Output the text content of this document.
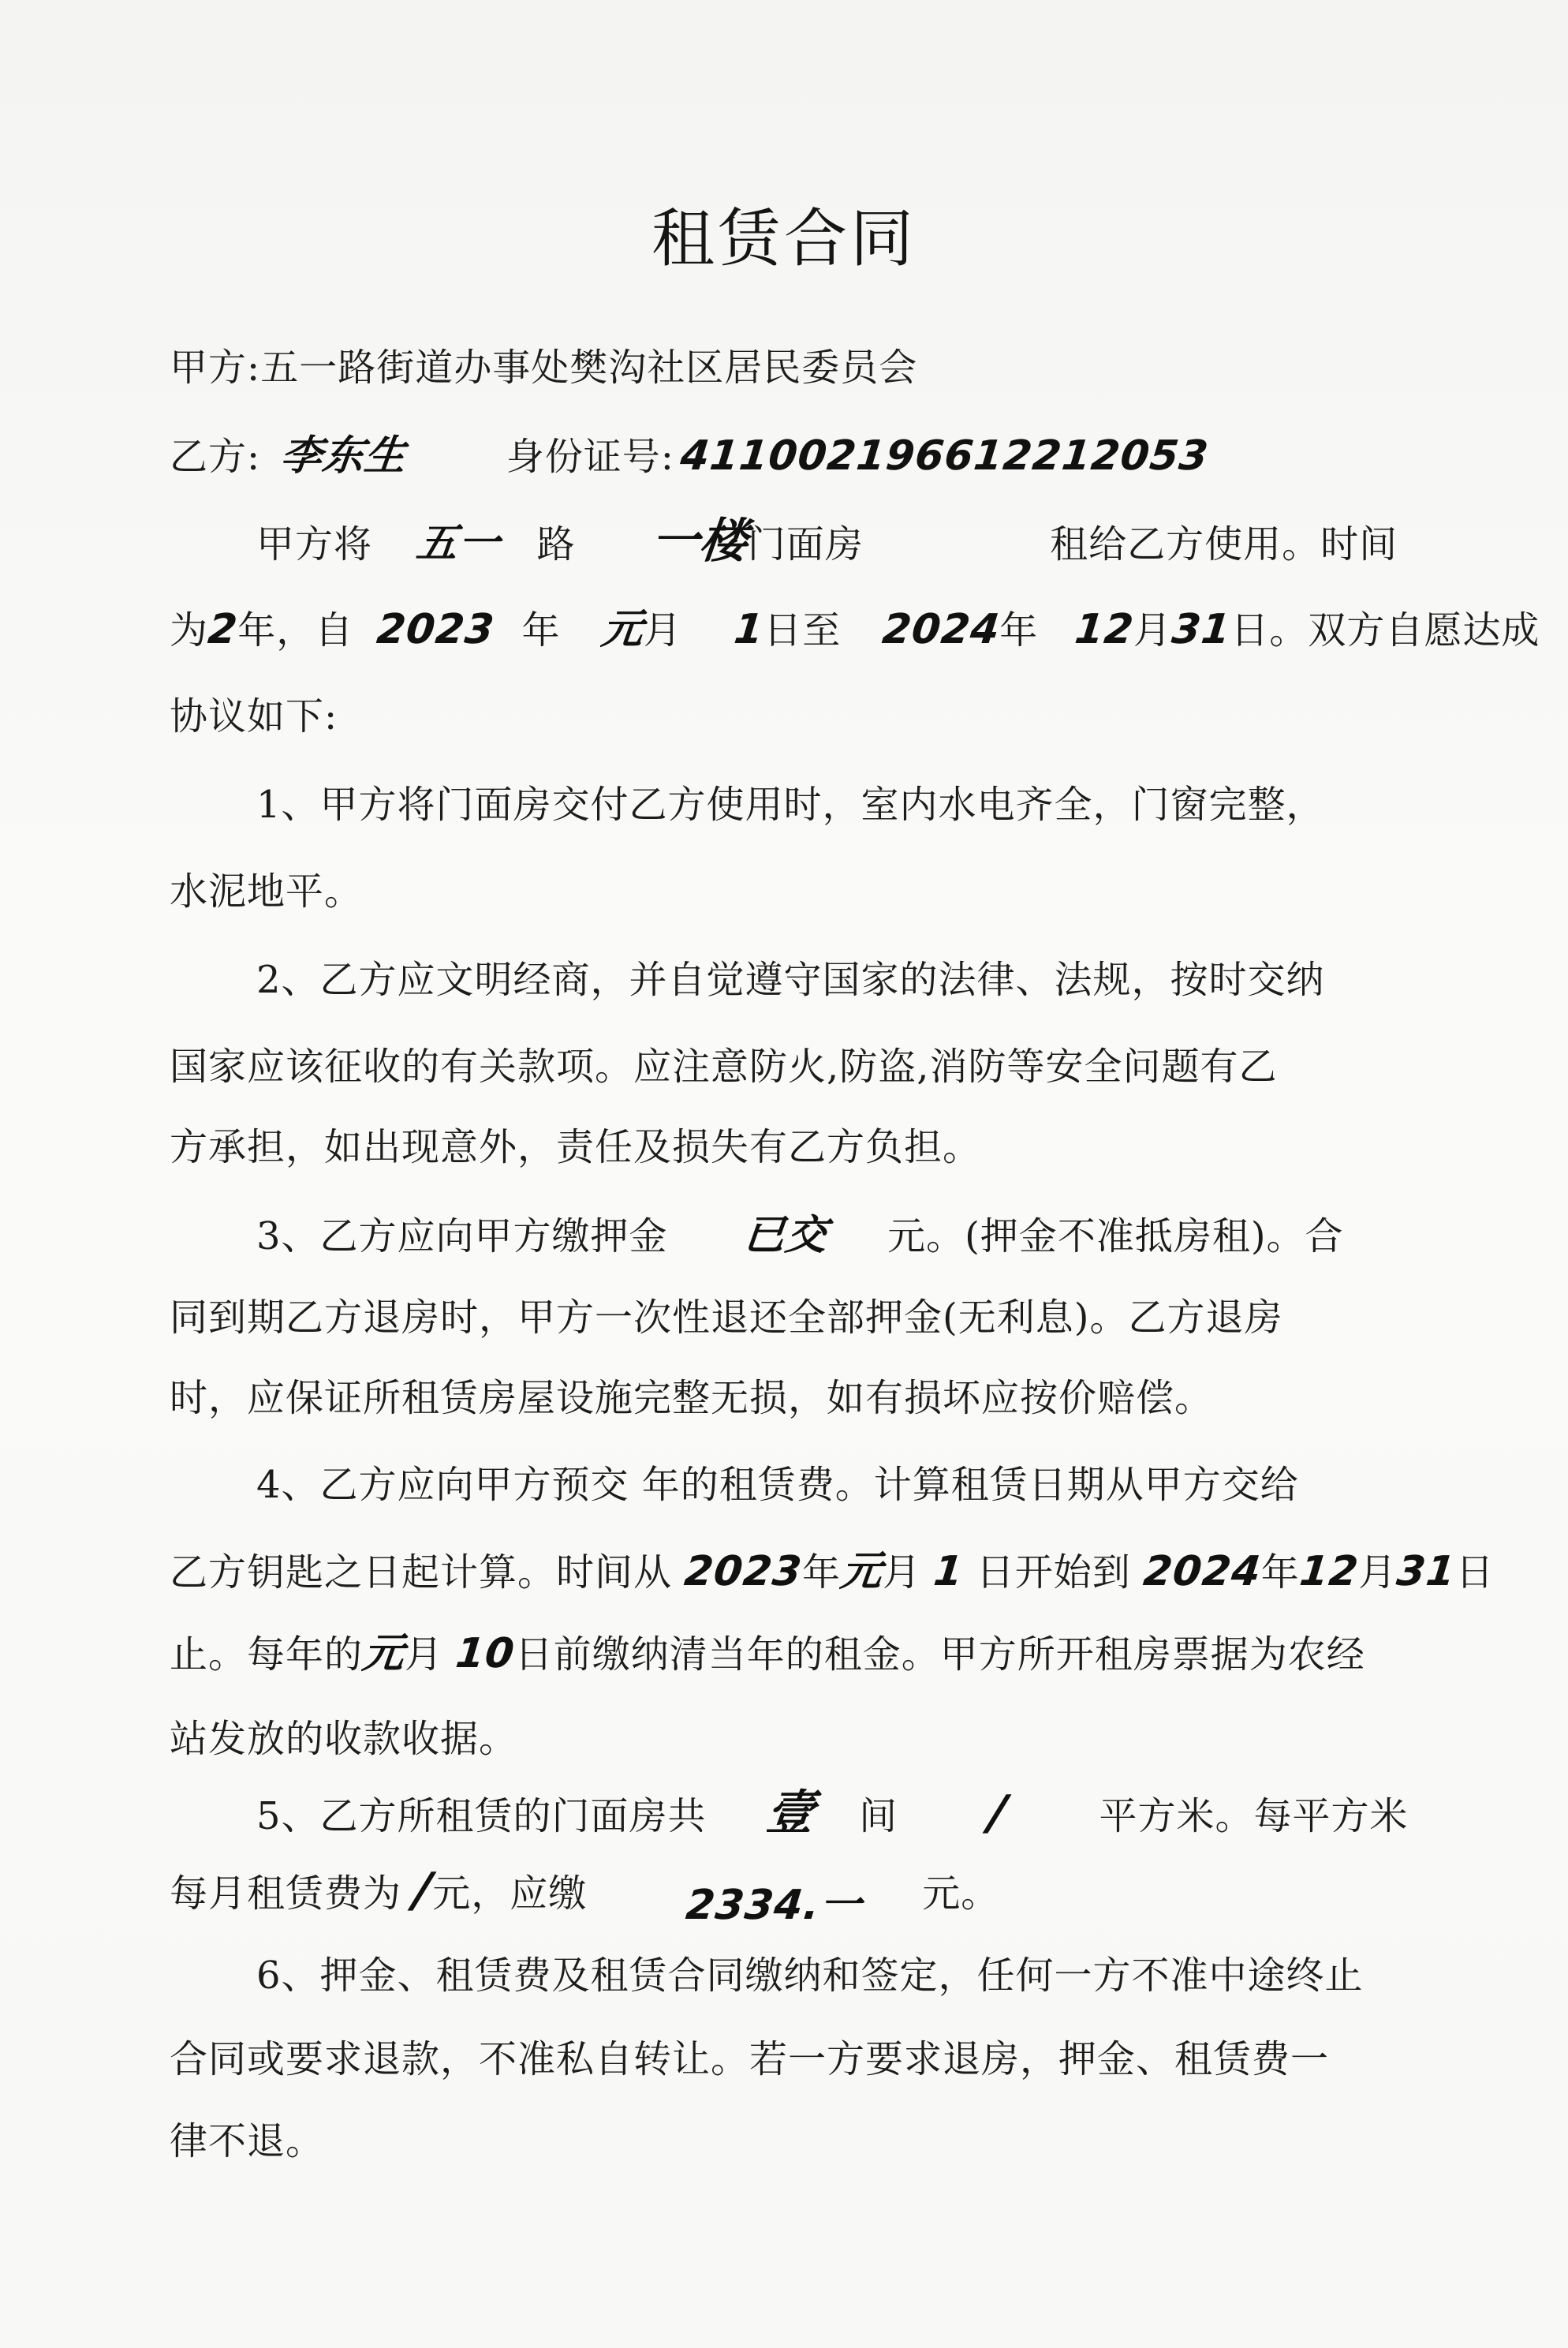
租赁合同
甲方:五一路街道办事处樊沟社区居民委员会
乙方: 李东生	身份证号:411002196612212053
甲方将 五一 路 一楼门面房	租给乙方使用。时间
为2年，自 2023 年 元月 1日至 2024年 12月31日。双方自愿达成
协议如下:
1、甲方将门面房交付乙方使用时，室内水电齐全，门窗完整，
水泥地平。
2、乙方应文明经商，并自觉遵守国家的法律、法规，按时交纳
国家应该征收的有关款项。应注意防火,防盗,消防等安全问题有乙
方承担，如出现意外，责任及损失有乙方负担。
3、乙方应向甲方缴押金 已交 元。(押金不准抵房租)。合
同到期乙方退房时，甲方一次性退还全部押金(无利息)。乙方退房
时，应保证所租赁房屋设施完整无损，如有损坏应按价赔偿。
4、乙方应向甲方预交 年的租赁费。计算租赁日期从甲方交给
乙方钥匙之日起计算。时间从 2023年元月 1 日开始到 2024年12月31日
止。每年的元月 10日前缴纳清当年的租金。甲方所开租房票据为农经
站发放的收款收据。
5、乙方所租赁的门面房共 壹 间 / 平方米。每平方米
每月租赁费为 /元，应缴 2334.一 元。
6、押金、租赁费及租赁合同缴纳和签定，任何一方不准中途终止
合同或要求退款，不准私自转让。若一方要求退房，押金、租赁费一
律不退。
